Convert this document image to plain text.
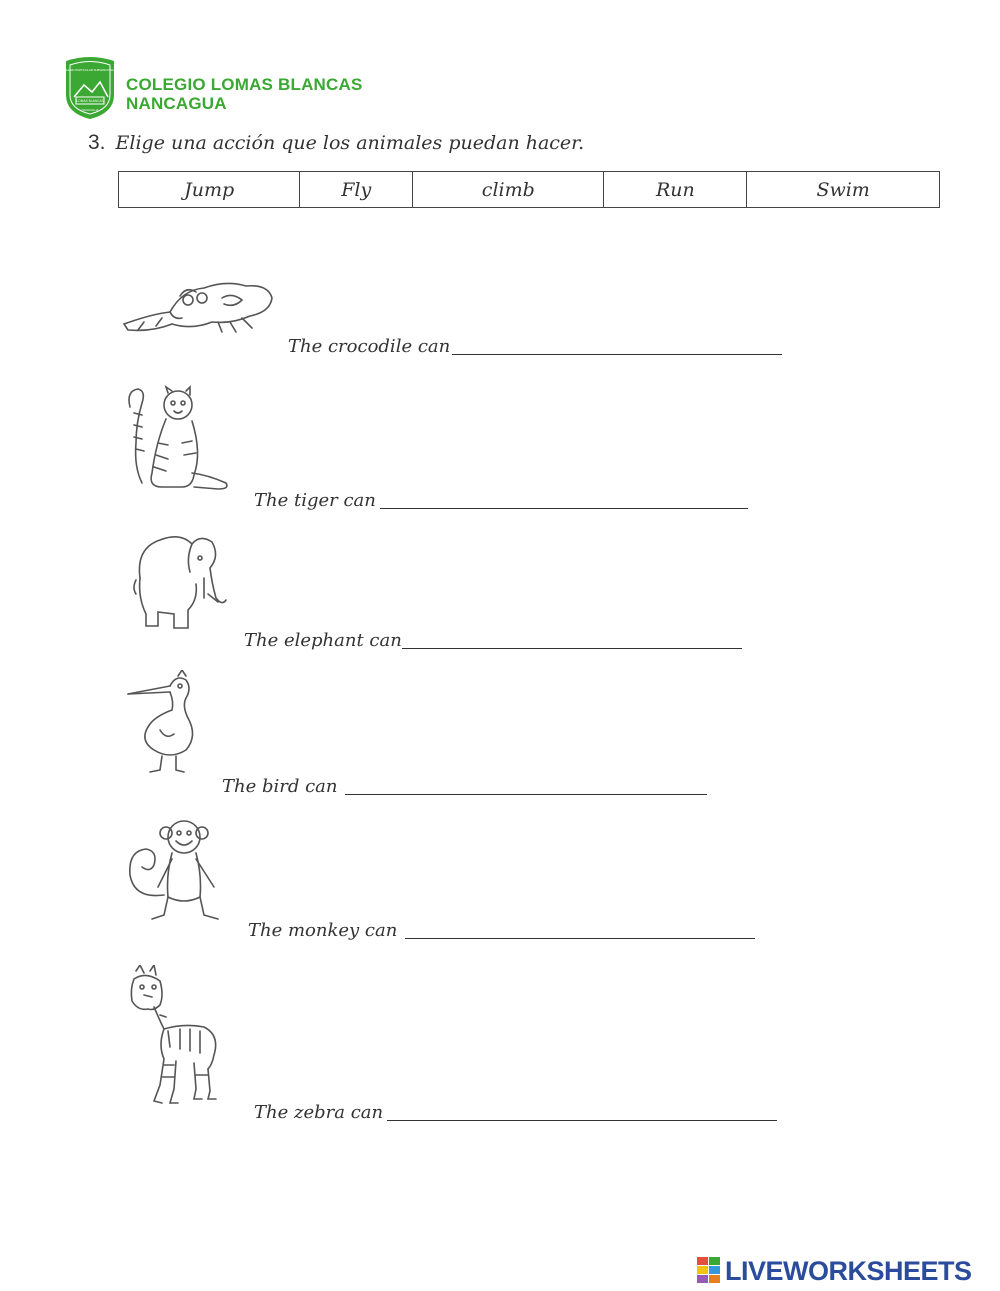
COLEGIO PARTICULAR SUBVENCIONADO
LOMAS BLANCAS
NANCAGUA
COLEGIO LOMAS BLANCAS
NANCAGUA
3. Elige una acción que los animales puedan hacer.
Jump	Fly	climb	Run	Swim
The crocodile can
The tiger can
The elephant can
The bird can
The monkey can
The zebra can
LIVEWORKSHEETS
